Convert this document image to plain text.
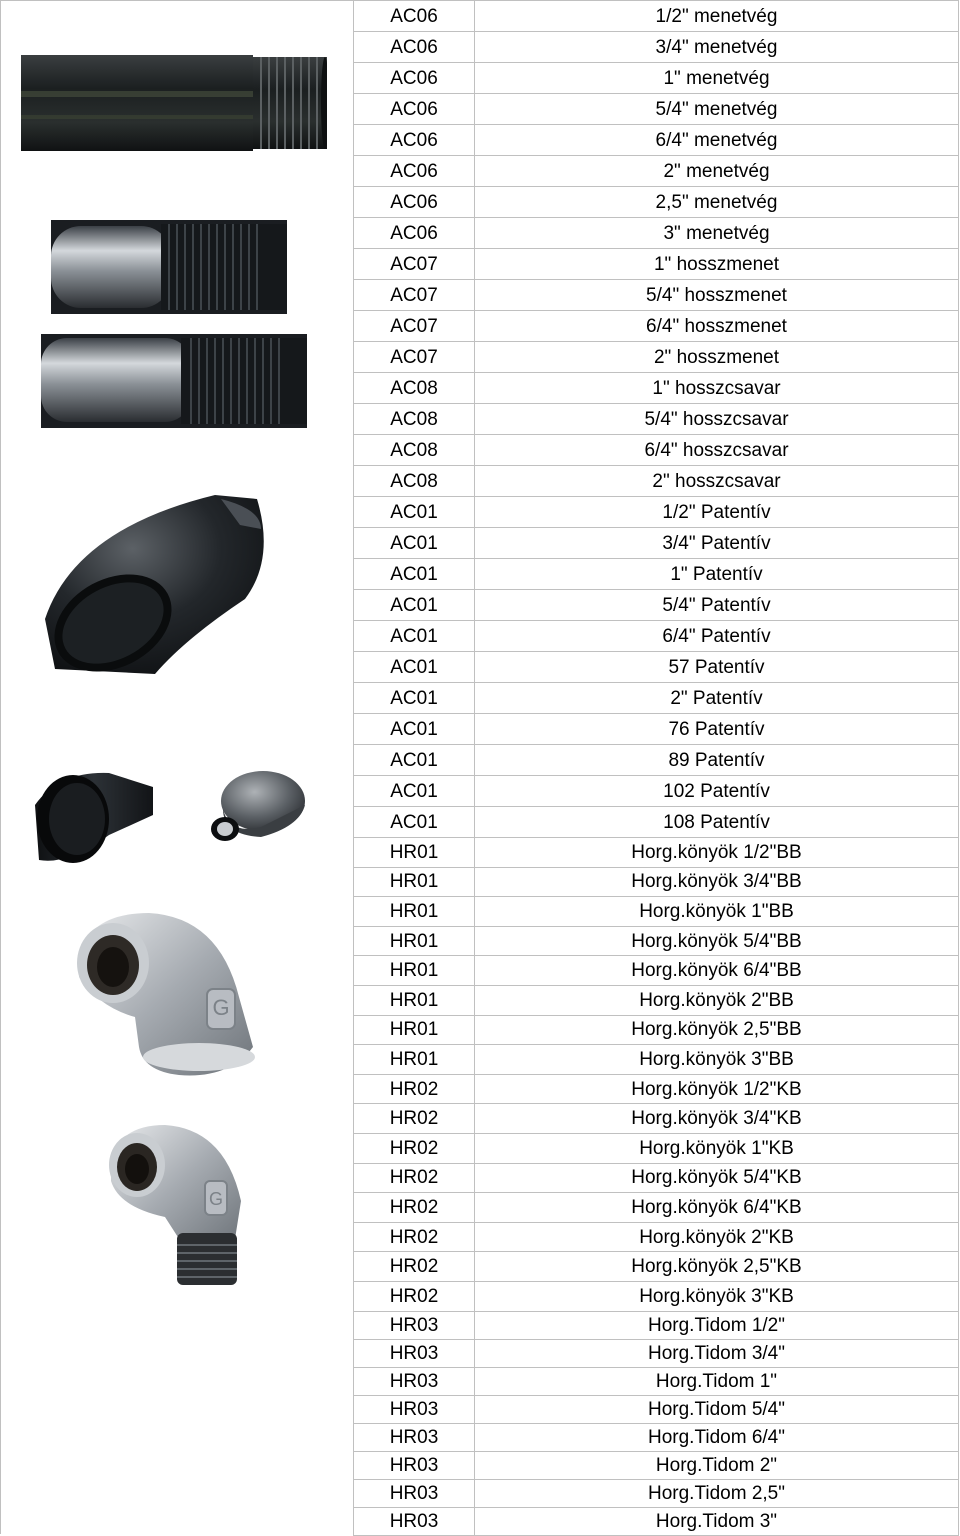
G
G
AC06	1/2" menetvég
AC06	3/4" menetvég
AC06	1" menetvég
AC06	5/4" menetvég
AC06	6/4" menetvég
AC06	2" menetvég
AC06	2,5" menetvég
AC06	3" menetvég
AC07	1" hosszmenet
AC07	5/4" hosszmenet
AC07	6/4" hosszmenet
AC07	2" hosszmenet
AC08	1" hosszcsavar
AC08	5/4" hosszcsavar
AC08	6/4" hosszcsavar
AC08	2" hosszcsavar
AC01	1/2" Patentív
AC01	3/4" Patentív
AC01	1" Patentív
AC01	5/4" Patentív
AC01	6/4" Patentív
AC01	57 Patentív
AC01	2" Patentív
AC01	76 Patentív
AC01	89 Patentív
AC01	102 Patentív
AC01	108 Patentív
HR01	Horg.könyök 1/2"BB
HR01	Horg.könyök 3/4"BB
HR01	Horg.könyök 1"BB
HR01	Horg.könyök 5/4"BB
HR01	Horg.könyök 6/4"BB
HR01	Horg.könyök 2"BB
HR01	Horg.könyök 2,5"BB
HR01	Horg.könyök 3"BB
HR02	Horg.könyök 1/2"KB
HR02	Horg.könyök 3/4"KB
HR02	Horg.könyök 1"KB
HR02	Horg.könyök 5/4"KB
HR02	Horg.könyök 6/4"KB
HR02	Horg.könyök 2"KB
HR02	Horg.könyök 2,5"KB
HR02	Horg.könyök 3"KB
HR03	Horg.Tidom 1/2"
HR03	Horg.Tidom 3/4"
HR03	Horg.Tidom 1"
HR03	Horg.Tidom 5/4"
HR03	Horg.Tidom 6/4"
HR03	Horg.Tidom 2"
HR03	Horg.Tidom 2,5"
HR03	Horg.Tidom 3"
